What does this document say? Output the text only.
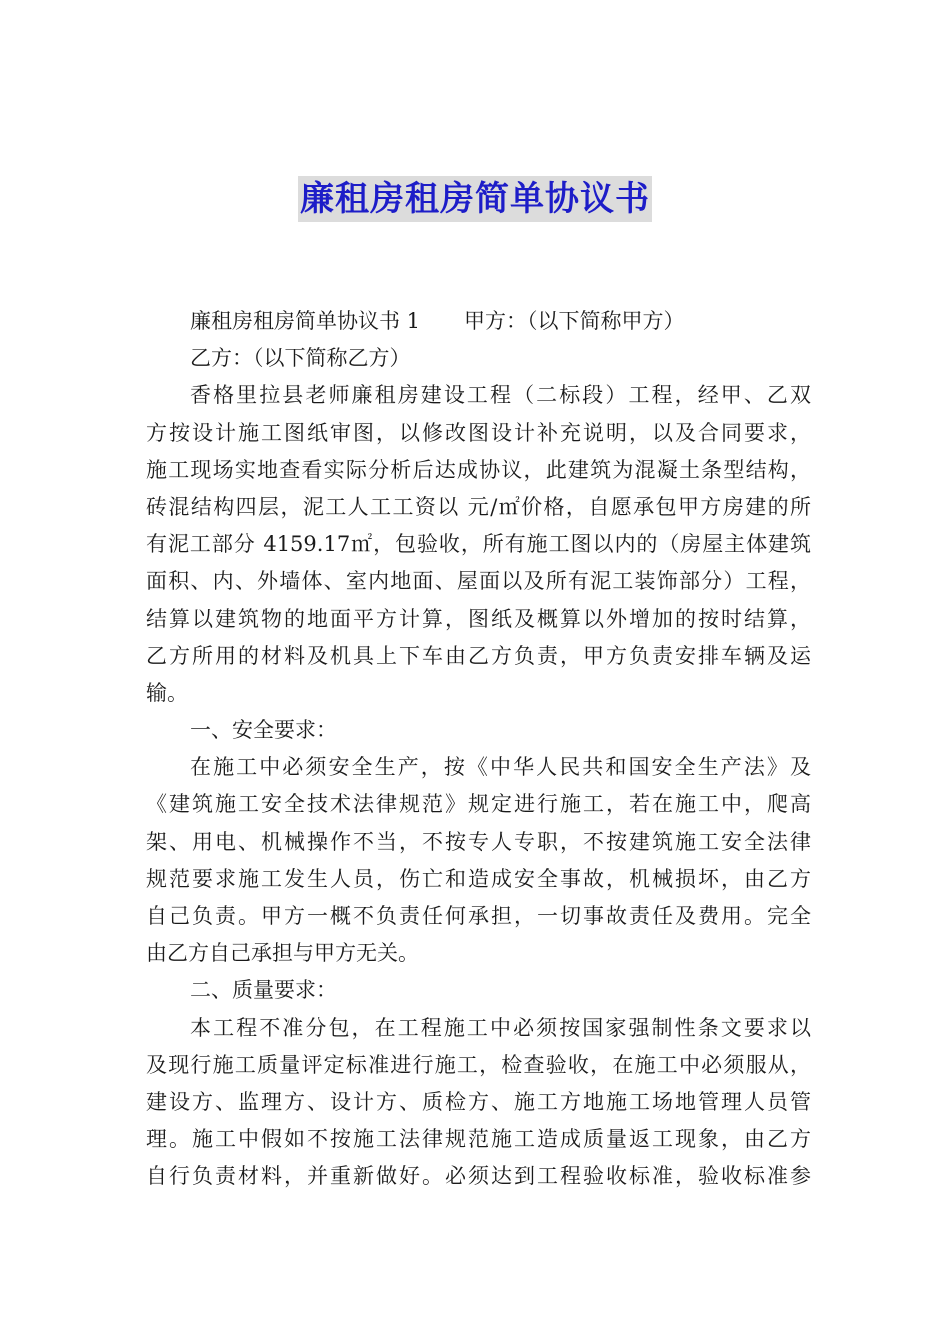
廉租房租房简单协议书
廉租房租房简单协议书 1 甲方：（以下简称甲方）
乙方：（以下简称乙方）
香格里拉县老师廉租房建设工程（二标段）工程，经甲、乙双
方按设计施工图纸审图，以修改图设计补充说明，以及合同要求，
施工现场实地查看实际分析后达成协议，此建筑为混凝土条型结构，
砖混结构四层，泥工人工工资以 元/㎡价格，自愿承包甲方房建的所
有泥工部分 4159.17㎡，包验收，所有施工图以内的（房屋主体建筑
面积、内、外墙体、室内地面、屋面以及所有泥工装饰部分）工程，
结算以建筑物的地面平方计算，图纸及概算以外增加的按时结算，
乙方所用的材料及机具上下车由乙方负责，甲方负责安排车辆及运
输。
一、安全要求：
在施工中必须安全生产，按《中华人民共和国安全生产法》及
《建筑施工安全技术法律规范》规定进行施工，若在施工中，爬高
架、用电、机械操作不当，不按专人专职，不按建筑施工安全法律
规范要求施工发生人员，伤亡和造成安全事故，机械损坏，由乙方
自己负责。甲方一概不负责任何承担，一切事故责任及费用。完全
由乙方自己承担与甲方无关。
二、质量要求：
本工程不准分包，在工程施工中必须按国家强制性条文要求以
及现行施工质量评定标准进行施工，检查验收，在施工中必须服从，
建设方、监理方、设计方、质检方、施工方地施工场地管理人员管
理。施工中假如不按施工法律规范施工造成质量返工现象，由乙方
自行负责材料，并重新做好。必须达到工程验收标准，验收标准参
